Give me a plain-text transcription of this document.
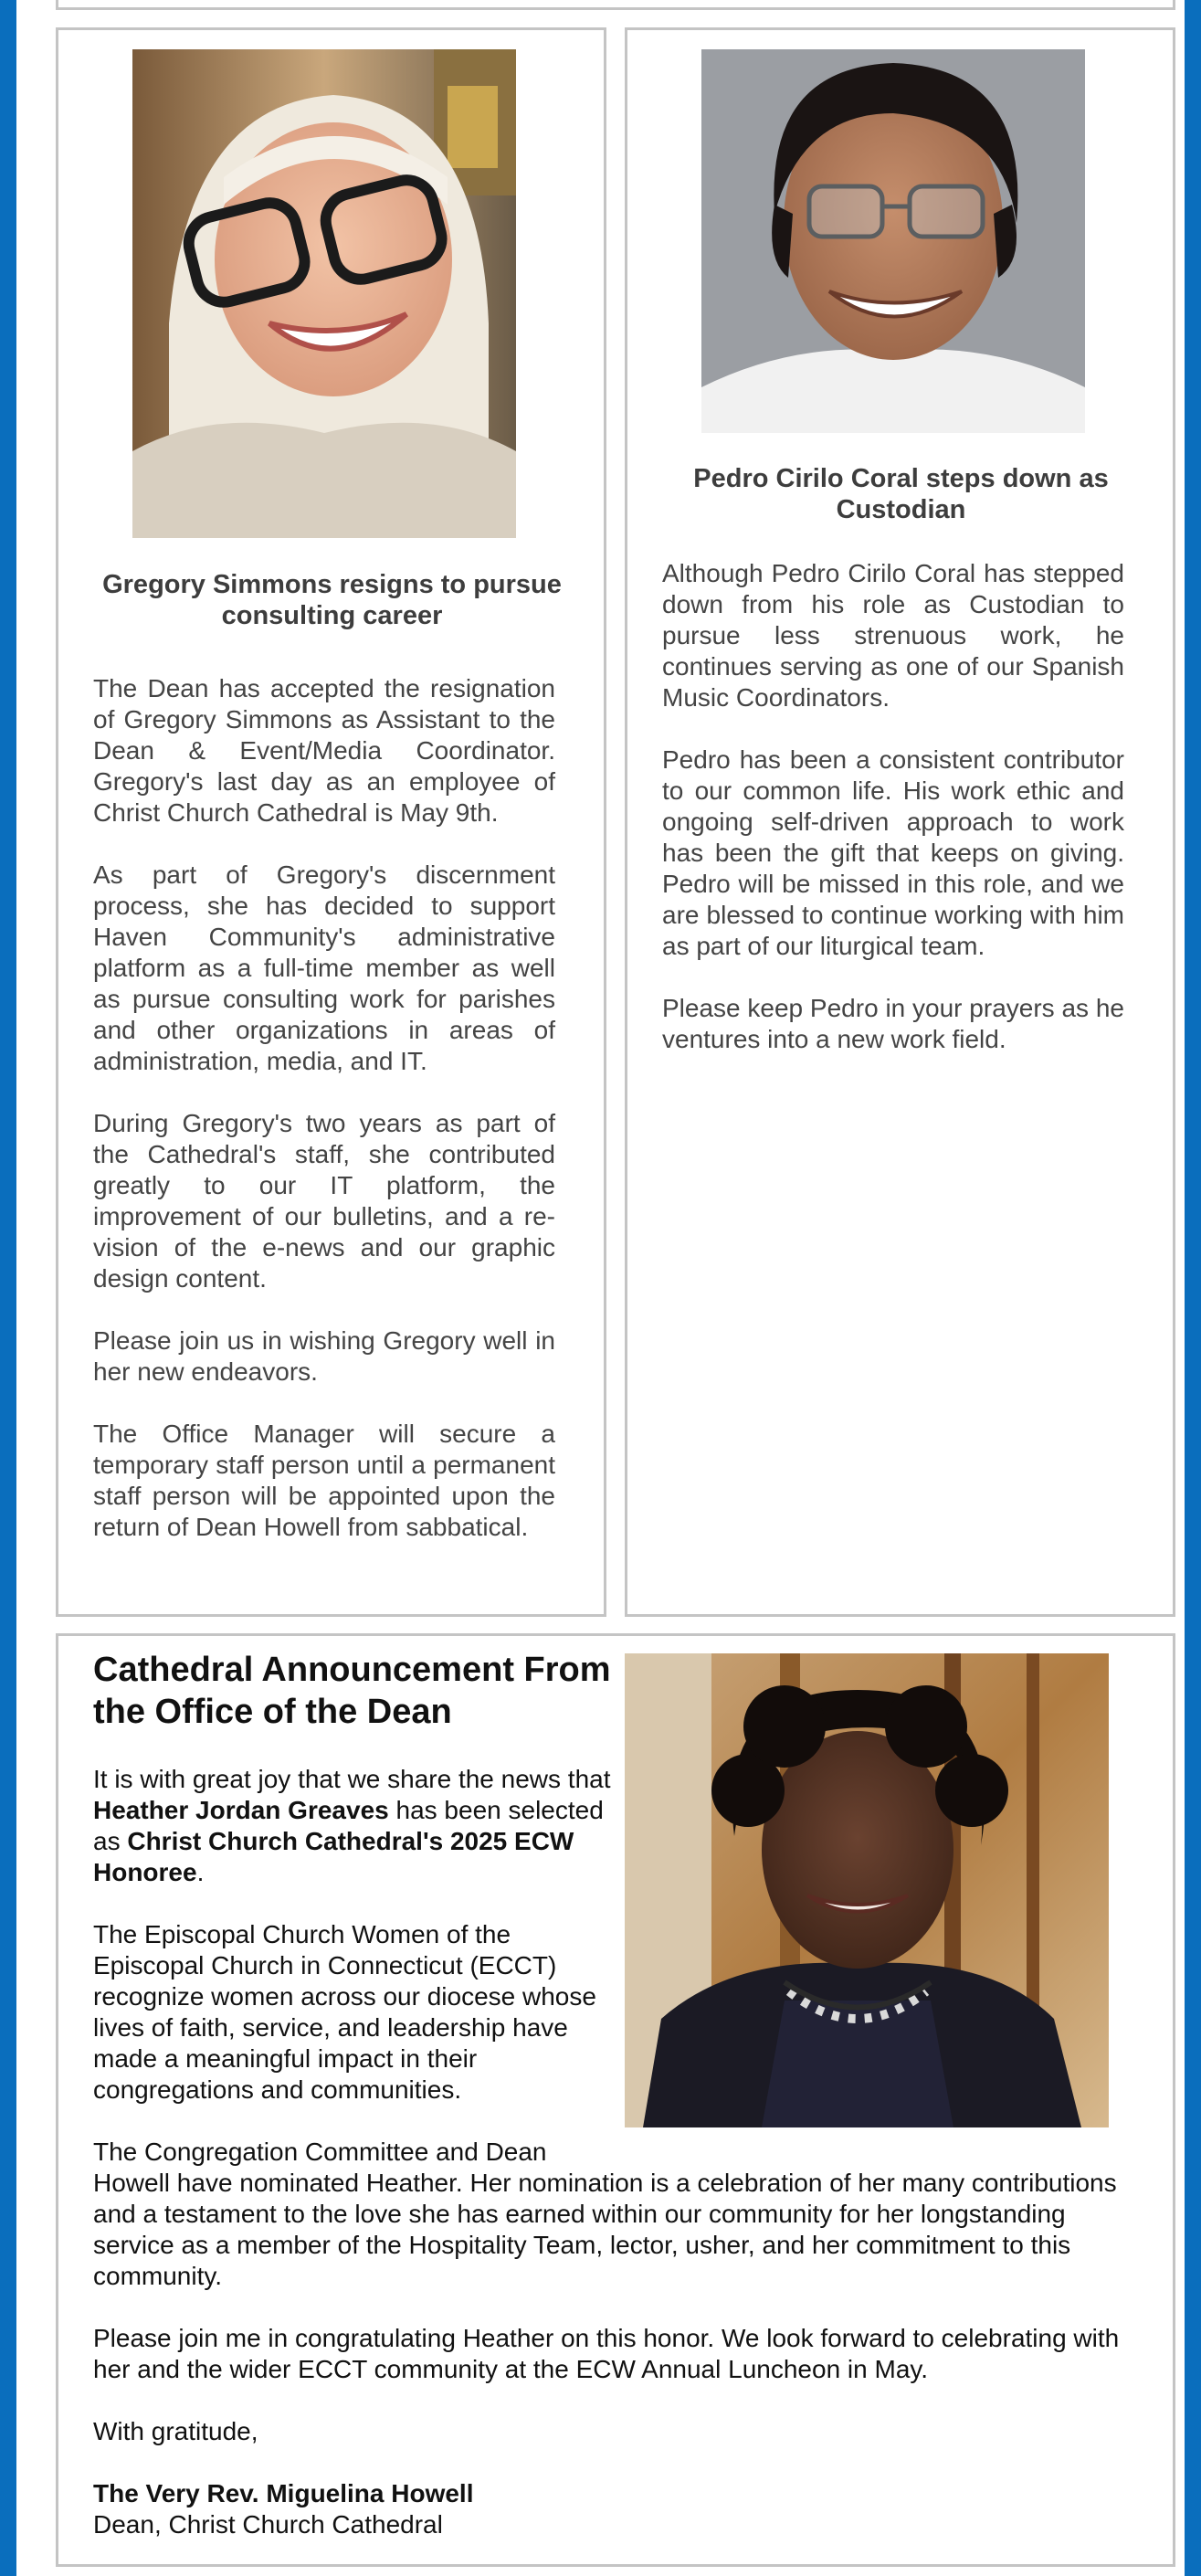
Gregory Simmons resigns to pursue consulting career

The Dean has accepted the resignation of Gregory Simmons as Assistant to the Dean & Event/Media Coordinator. Gregory's last day as an employee of Christ Church Cathedral is May 9th.

As part of Gregory's discernment process, she has decided to support Haven Community's administrative platform as a full-time member as well as pursue consulting work for parishes and other organizations in areas of administration, media, and IT.

During Gregory's two years as part of the Cathedral's staff, she contributed greatly to our IT platform, the improvement of our bulletins, and a re-vision of the e-news and our graphic design content.

Please join us in wishing Gregory well in her new endeavors.

The Office Manager will secure a temporary staff person until a permanent staff person will be appointed upon the return of Dean Howell from sabbatical.

Pedro Cirilo Coral steps down as Custodian

Although Pedro Cirilo Coral has stepped down from his role as Custodian to pursue less strenuous work, he continues serving as one of our Spanish Music Coordinators.

Pedro has been a consistent contributor to our common life. His work ethic and ongoing self-driven approach to work has been the gift that keeps on giving. Pedro will be missed in this role, and we are blessed to continue working with him as part of our liturgical team.

Please keep Pedro in your prayers as he ventures into a new work field.

Cathedral Announcement From the Office of the Dean

It is with great joy that we share the news that Heather Jordan Greaves has been selected as Christ Church Cathedral's 2025 ECW Honoree.

The Episcopal Church Women of the Episcopal Church in Connecticut (ECCT) recognize women across our diocese whose lives of faith, service, and leadership have made a meaningful impact in their congregations and communities.

The Congregation Committee and Dean
Howell have nominated Heather. Her nomination is a celebration of her many contributions and a testament to the love she has earned within our community for her longstanding service as a member of the Hospitality Team, lector, usher, and her commitment to this community.

Please join me in congratulating Heather on this honor. We look forward to celebrating with her and the wider ECCT community at the ECW Annual Luncheon in May.

With gratitude,

The Very Rev. Miguelina Howell
Dean, Christ Church Cathedral
